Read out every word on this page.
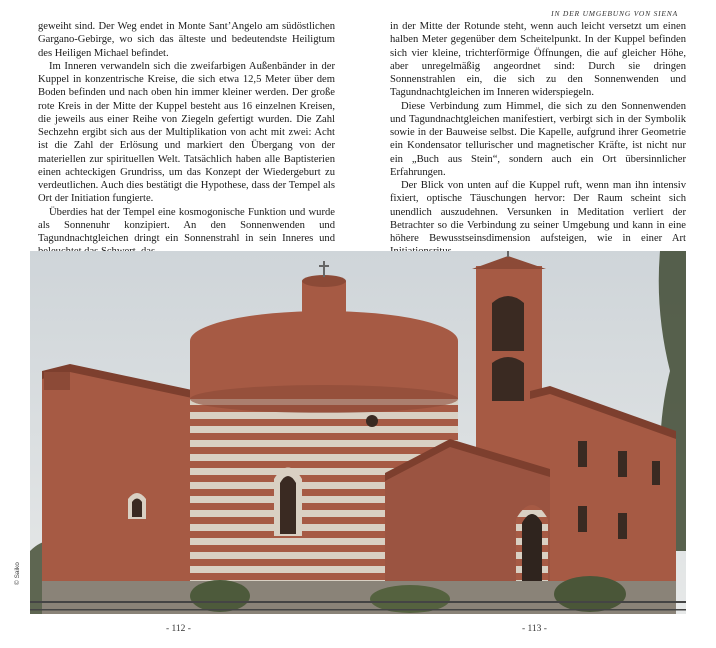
IN DER UMGEBUNG VON SIENA

geweiht sind. Der Weg endet in Monte Sant’Angelo am südöstlichen Gargano-Gebirge, wo sich das älteste und bedeutendste Heiligtum des Heiligen Michael befindet.

Im Inneren verwandeln sich die zweifarbigen Außenbänder in der Kuppel in konzentrische Kreise, die sich etwa 12,5 Meter über dem Boden befinden und nach oben hin immer kleiner werden. Der große rote Kreis in der Mitte der Kuppel besteht aus 16 einzelnen Kreisen, die jeweils aus einer Reihe von Ziegeln gefertigt wurden. Die Zahl Sechzehn ergibt sich aus der Multiplikation von acht mit zwei: Acht ist die Zahl der Erlösung und markiert den Übergang von der materiellen zur spirituellen Welt. Tatsächlich haben alle Baptisterien einen achteckigen Grundriss, um das Konzept der Wiedergeburt zu verdeutlichen. Auch dies bestätigt die Hypothese, dass der Tempel als Ort der Initiation fungierte.

Überdies hat der Tempel eine kosmogonische Funktion und wurde als Sonnenuhr konzipiert. An den Sonnenwenden und Tagundnachtgleichen dringt ein Sonnenstrahl in sein Inneres und

in der Mitte der Rotunde steht, wenn auch leicht versetzt um einen halben Meter gegenüber dem Scheitelpunkt. In der Kuppel befinden sich vier kleine, trichterförmige Öffnungen, die auf gleicher Höhe, aber unregelmäßig angeordnet sind: Durch sie dringen Sonnenstrahlen ein, die sich zu den Sonnenwenden und Tagundnachtgleichen im Inneren widerspiegeln.

Diese Verbindung zum Himmel, die sich zu den Sonnenwenden und Tagundnachtgleichen manifestiert, verbirgt sich in der Symbolik sowie in der Bauweise selbst. Die Kapelle, aufgrund ihrer Geometrie ein Kondensator tellurischer und magnetischer Kräfte, ist nicht nur ein „Buch aus Stein“, sondern auch ein Ort übersinnlicher Erfahrungen.

Der Blick von unten auf die Kuppel ruft, wenn man ihn intensiv fixiert, optische Täuschungen hervor: Der Raum scheint sich unendlich auszudehnen. Versunken in Meditation verliert der Betrachter so die Verbindung zu seiner Umgebung und kann in eine höhere Bewusstseinsdimension aufsteigen, wie in einer Art

© Saiko
- 112 -	- 113 -
